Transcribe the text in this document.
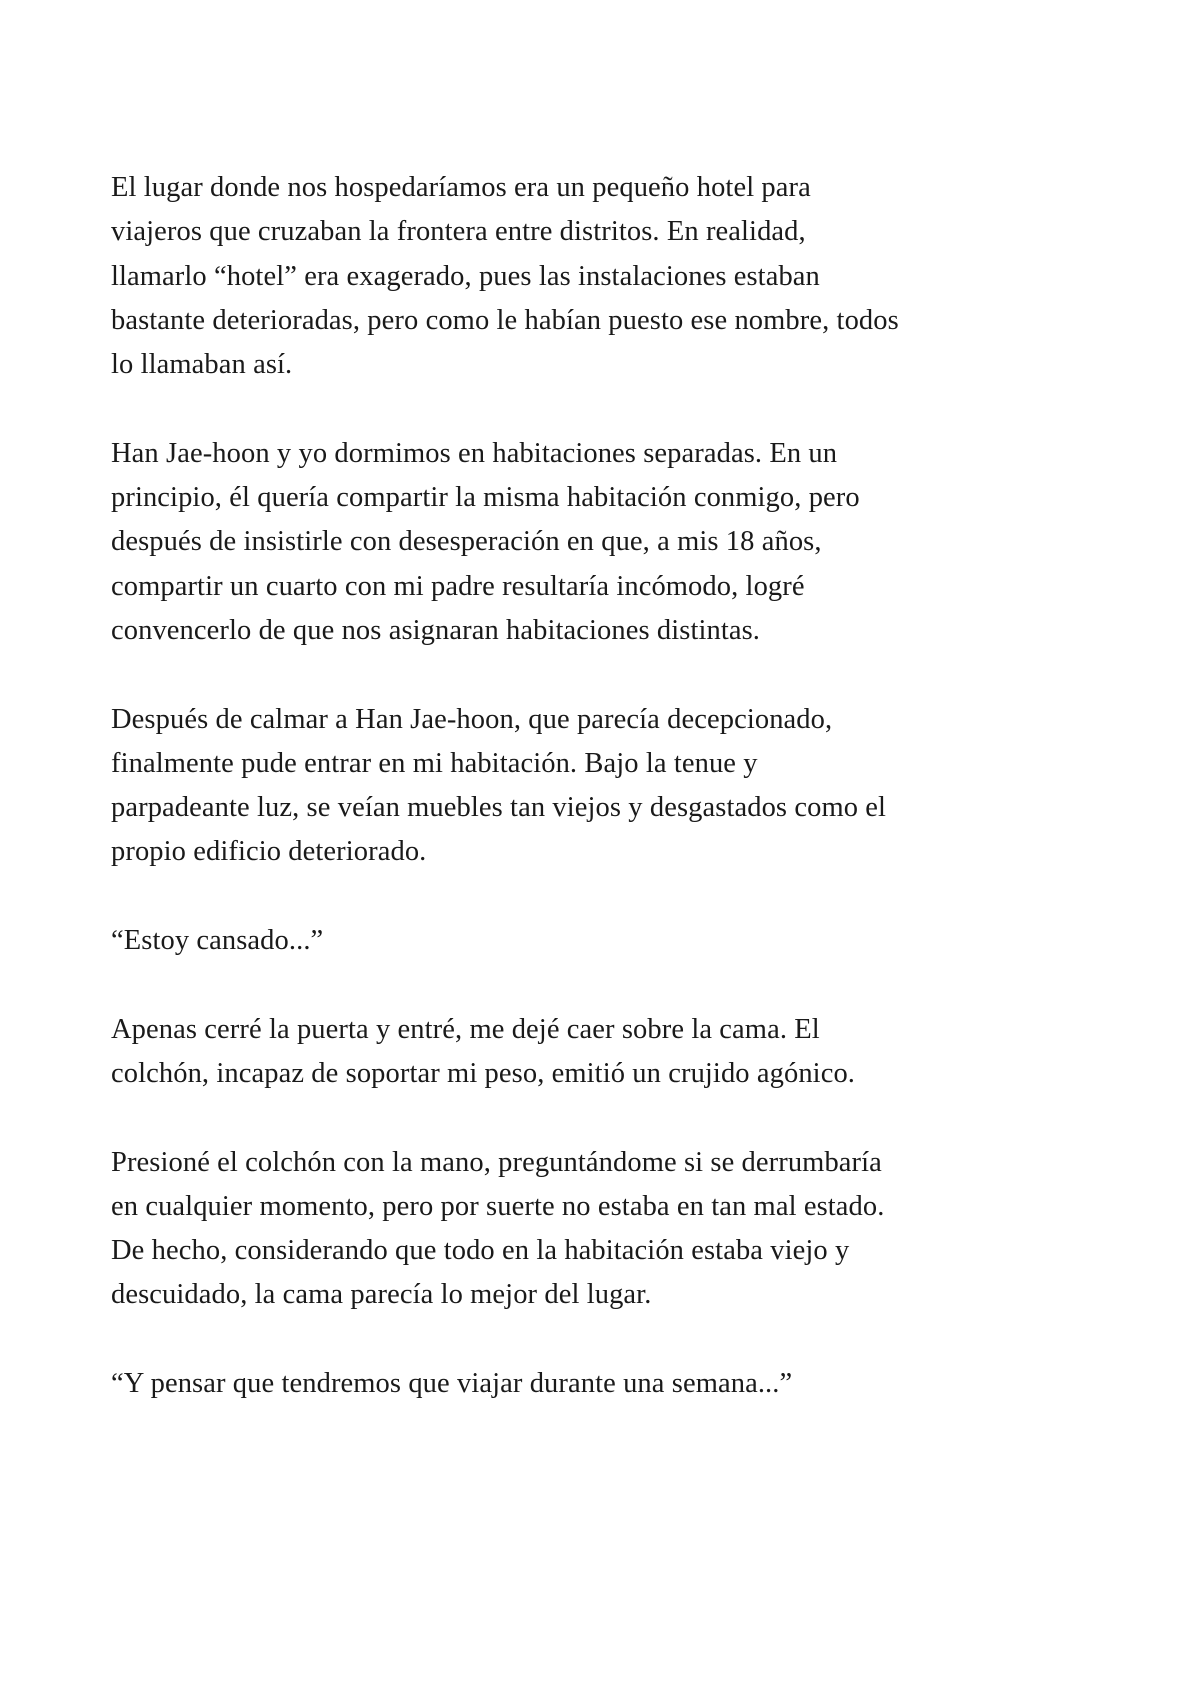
El lugar donde nos hospedaríamos era un pequeño hotel para
viajeros que cruzaban la frontera entre distritos. En realidad,
llamarlo “hotel” era exagerado, pues las instalaciones estaban
bastante deterioradas, pero como le habían puesto ese nombre, todos
lo llamaban así.

Han Jae-hoon y yo dormimos en habitaciones separadas. En un
principio, él quería compartir la misma habitación conmigo, pero
después de insistirle con desesperación en que, a mis 18 años,
compartir un cuarto con mi padre resultaría incómodo, logré
convencerlo de que nos asignaran habitaciones distintas.

Después de calmar a Han Jae-hoon, que parecía decepcionado,
finalmente pude entrar en mi habitación. Bajo la tenue y
parpadeante luz, se veían muebles tan viejos y desgastados como el
propio edificio deteriorado.

“Estoy cansado...”

Apenas cerré la puerta y entré, me dejé caer sobre la cama. El
colchón, incapaz de soportar mi peso, emitió un crujido agónico.

Presioné el colchón con la mano, preguntándome si se derrumbaría
en cualquier momento, pero por suerte no estaba en tan mal estado.
De hecho, considerando que todo en la habitación estaba viejo y
descuidado, la cama parecía lo mejor del lugar.

“Y pensar que tendremos que viajar durante una semana...”
